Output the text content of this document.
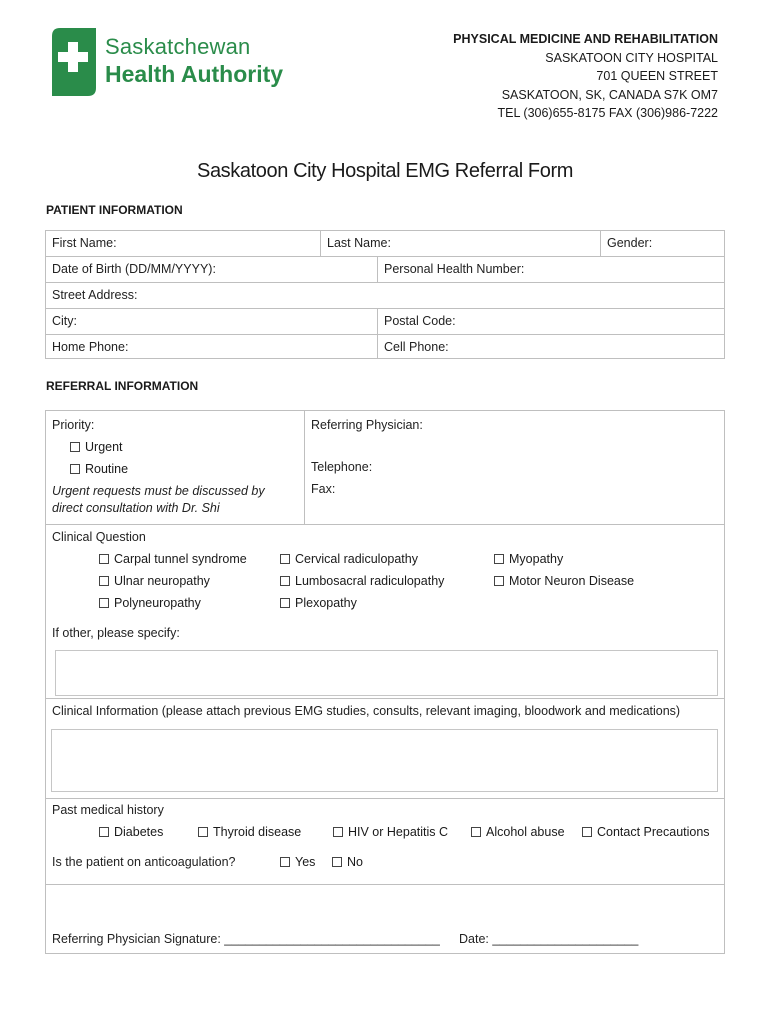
Saskatchewan
Health Authority
PHYSICAL MEDICINE AND REHABILITATION
SASKATOON CITY HOSPITAL
701 QUEEN STREET
SASKATOON, SK, CANADA S7K OM7
TEL (306)655-8175 FAX (306)986-7222
Saskatoon City Hospital EMG Referral Form
PATIENT INFORMATION
First Name:	Last Name:	Gender:
Date of Birth (DD/MM/YYYY):	Personal Health Number:
Street Address:
City:	Postal Code:
Home Phone:	Cell Phone:
REFERRAL INFORMATION
Priority:
Urgent
Routine
Urgent requests must be discussed by
direct consultation with Dr. Shi
Referring Physician:
Telephone:
Fax:
Clinical Question
Carpal tunnel syndrome
Ulnar neuropathy
Polyneuropathy
Cervical radiculopathy
Lumbosacral radiculopathy
Plexopathy
Myopathy
Motor Neuron Disease
If other, please specify:
Clinical Information (please attach previous EMG studies, consults, relevant imaging, bloodwork and medications)
Past medical history
Diabetes	Thyroid disease	HIV or Hepatitis C	Alcohol abuse	Contact Precautions
Is the patient on anticoagulation?	Yes	No
Referring Physician Signature: _______________________________ Date: _____________________
